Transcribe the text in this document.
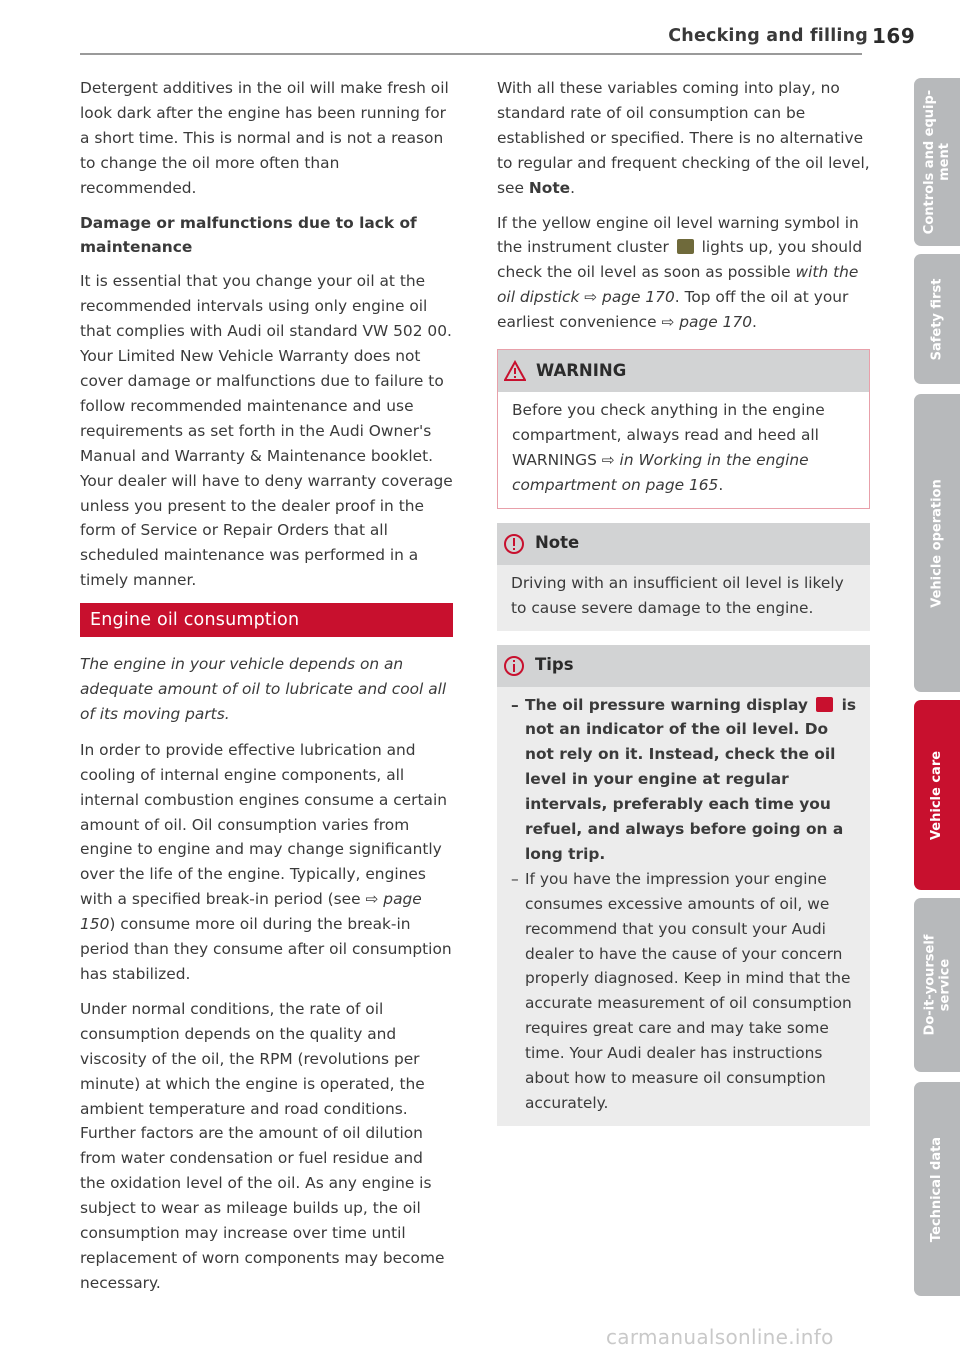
Checking and filling 169

Detergent additives in the oil will make fresh oil look dark after the engine has been running for a short time. This is normal and is not a reason to change the oil more often than recommended.

Damage or malfunctions due to lack of maintenance

It is essential that you change your oil at the recommended intervals using only engine oil that complies with Audi oil standard VW 502 00. Your Limited New Vehicle Warranty does not cover damage or malfunctions due to failure to follow recommended maintenance and use requirements as set forth in the Audi Owner's Manual and Warranty & Maintenance booklet. Your dealer will have to deny warranty coverage unless you present to the dealer proof in the form of Service or Repair Orders that all scheduled maintenance was performed in a timely manner.

Engine oil consumption

The engine in your vehicle depends on an adequate amount of oil to lubricate and cool all of its moving parts.

In order to provide effective lubrication and cooling of internal engine components, all internal combustion engines consume a certain amount of oil. Oil consumption varies from engine to engine and may change significantly over the life of the engine. Typically, engines with a specified break-in period (see ⇨ page 150) consume more oil during the break-in period than they consume after oil consumption has stabilized.

Under normal conditions, the rate of oil consumption depends on the quality and viscosity of the oil, the RPM (revolutions per minute) at which the engine is operated, the ambient temperature and road conditions. Further factors are the amount of oil dilution from water condensation or fuel residue and the oxidation level of the oil. As any engine is subject to wear as mileage builds up, the oil consumption may increase over time until replacement of worn components may become necessary.

With all these variables coming into play, no standard rate of oil consumption can be established or specified. There is no alternative to regular and frequent checking of the oil level, see Note.

If the yellow engine oil level warning symbol in the instrument cluster  lights up, you should check the oil level as soon as possible with the oil dipstick ⇨ page 170. Top off the oil at your earliest convenience ⇨ page 170.

WARNING
Before you check anything in the engine compartment, always read and heed all WARNINGS ⇨ in Working in the engine compartment on page 165.
Note
Driving with an insufficient oil level is likely to cause severe damage to the engine.
Tips
– The oil pressure warning display  is not an indicator of the oil level. Do not rely on it. Instead, check the oil level in your engine at regular intervals, preferably each time you refuel, and always before going on a long trip.
– If you have the impression your engine consumes excessive amounts of oil, we recommend that you consult your Audi dealer to have the cause of your concern properly diagnosed. Keep in mind that the accurate measurement of oil consumption requires great care and may take some time. Your Audi dealer has instructions about how to measure oil consumption accurately.
Controls and equip-
ment
Safety first
Vehicle operation
Vehicle care
Do-it-yourself
service
Technical data
carmanualsonline.info
